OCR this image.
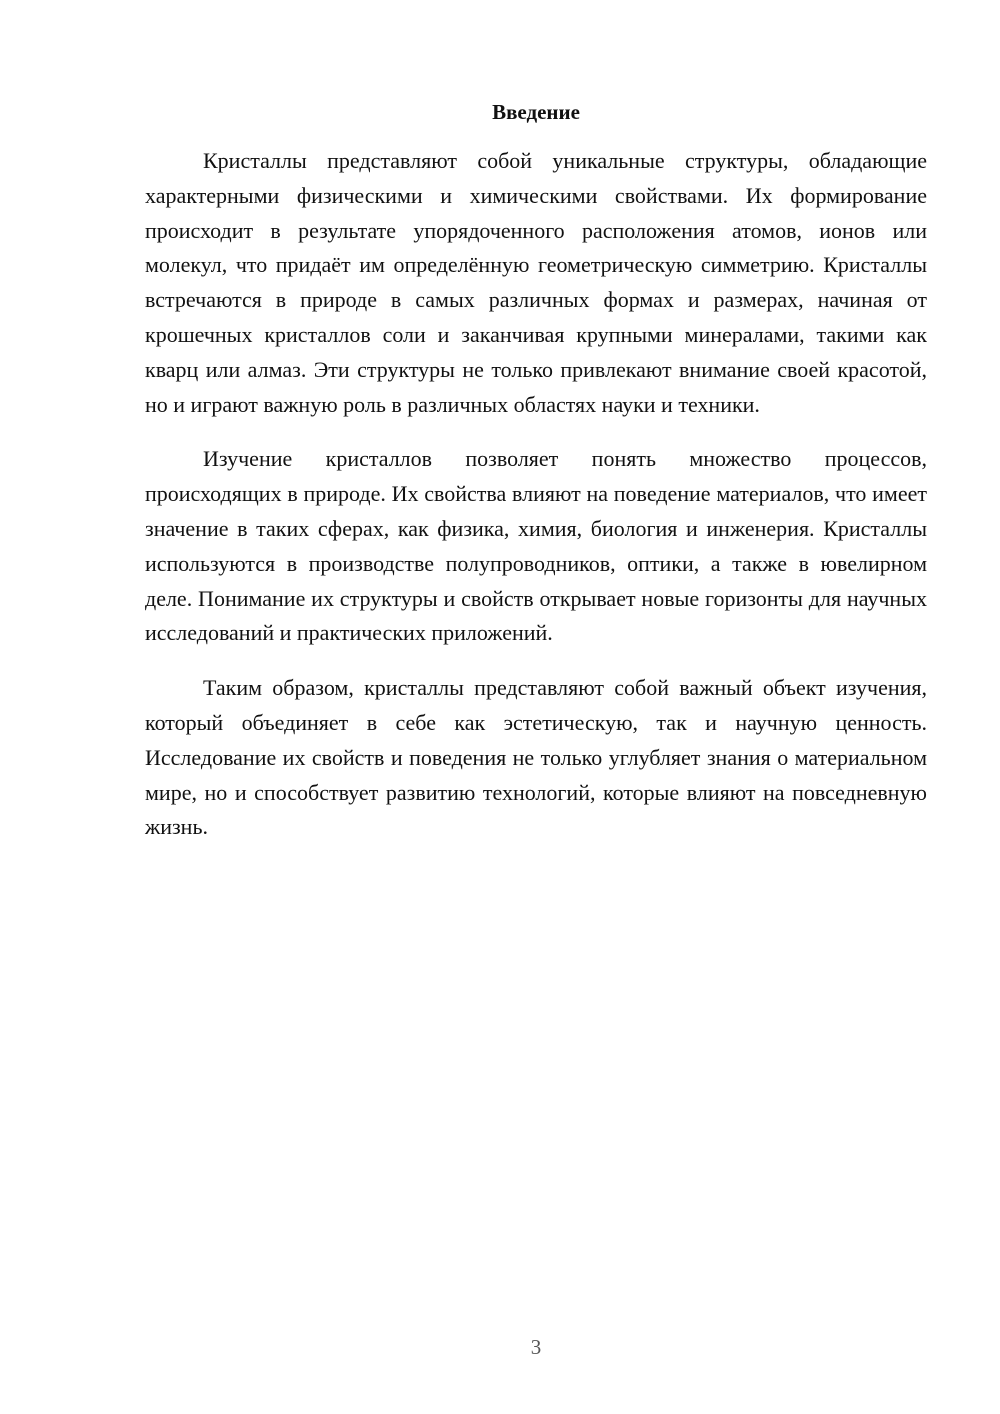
Введение

Кристаллы представляют собой уникальные структуры, обладающие характерными физическими и химическими свойствами. Их формирование происходит в результате упорядоченного расположения атомов, ионов или молекул, что придаёт им определённую геометрическую симметрию. Кристаллы встречаются в природе в самых различных формах и размерах, начиная от крошечных кристаллов соли и заканчивая крупными минералами, такими как кварц или алмаз. Эти структуры не только привлекают внимание своей красотой, но и играют важную роль в различных областях науки и техники.

Изучение кристаллов позволяет понять множество процессов, происходящих в природе. Их свойства влияют на поведение материалов, что имеет значение в таких сферах, как физика, химия, биология и инженерия. Кристаллы используются в производстве полупроводников, оптики, а также в ювелирном деле. Понимание их структуры и свойств открывает новые горизонты для научных исследований и практических приложений.

Таким образом, кристаллы представляют собой важный объект изучения, который объединяет в себе как эстетическую, так и научную ценность. Исследование их свойств и поведения не только углубляет знания о материальном мире, но и способствует развитию технологий, которые влияют на повседневную жизнь.

3
